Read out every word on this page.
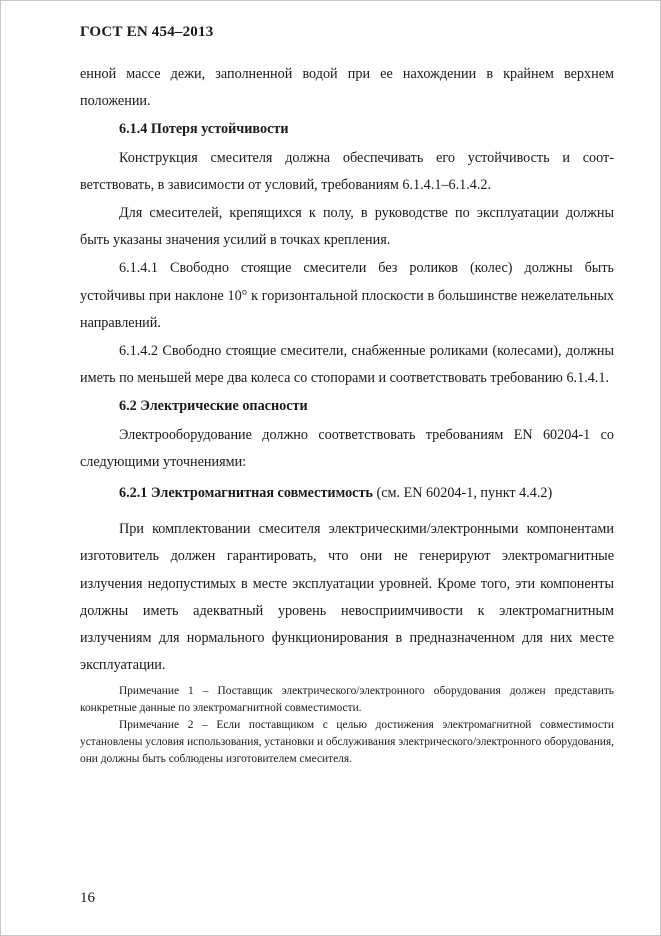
ГОСТ EN 454–2013

енной массе дежи, заполненной водой при ее нахождении в крайнем верхнем положении.

6.1.4 Потеря устойчивости

Конструкция смесителя должна обеспечивать его устойчивость и соответствовать, в зависимости от условий, требованиям 6.1.4.1–6.1.4.2.

Для смесителей, крепящихся к полу, в руководстве по эксплуатации должны быть указаны значения усилий в точках крепления.

6.1.4.1 Свободно стоящие смесители без роликов (колес) должны быть устойчивы при наклоне 10° к горизонтальной плоскости в большинстве нежелательных направлений.

6.1.4.2 Свободно стоящие смесители, снабженные роликами (колесами), должны иметь по меньшей мере два колеса со стопорами и соответствовать требованию 6.1.4.1.

6.2 Электрические опасности

Электрооборудование должно соответствовать требованиям EN 60204-1 со следующими уточнениями:

6.2.1 Электромагнитная совместимость (см. EN 60204-1, пункт 4.4.2)

При комплектовании смесителя электрическими/электронными компонентами изготовитель должен гарантировать, что они не генерируют электромагнитные излучения недопустимых в месте эксплуатации уровней. Кроме того, эти компоненты должны иметь адекватный уровень невосприимчивости к электромагнитным излучениям для нормального функционирования в предназначенном для них месте эксплуатации.

Примечание 1 – Поставщик электрического/электронного оборудования должен представить конкретные данные по электромагнитной совместимости.

Примечание 2 – Если поставщиком с целью достижения электромагнитной совместимости установлены условия использования, установки и обслуживания электрического/электронного оборудования, они должны быть соблюдены изготовителем смесителя.

16
